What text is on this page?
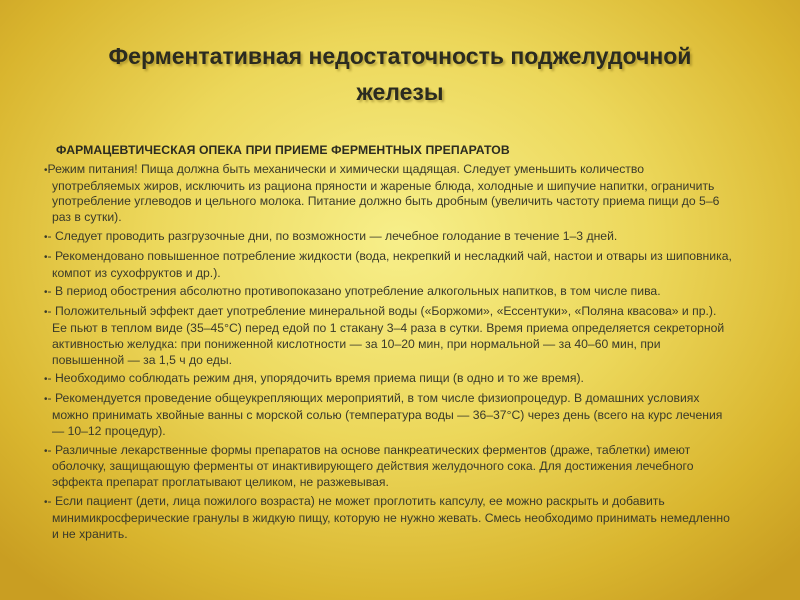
Ферментативная недостаточность поджелудочной
железы
ФАРМАЦЕВТИЧЕСКАЯ ОПЕКА ПРИ ПРИЕМЕ ФЕРМЕНТНЫХ ПРЕПАРАТОВ
•Режим питания! Пища должна быть механически и химически щадящая. Следует уменьшить количество употребляемых жиров, исключить из рациона пряности и жареные блюда, холодные и шипучие напитки, ограничить употребление углеводов и цельного молока. Питание должно быть дробным (увеличить частоту приема пищи до 5–6 раз в сутки).
•- Следует проводить разгрузочные дни, по возможности — лечебное голодание в течение 1–3 дней.
•- Рекомендовано повышенное потребление жидкости (вода, некрепкий и несладкий чай, настои и отвары из шиповника, компот из сухофруктов и др.).
•- В период обострения абсолютно противопоказано употребление алкогольных напитков, в том числе пива.
•- Положительный эффект дает употребление минеральной воды («Боржоми», «Ессентуки», «Поляна квасова» и пр.). Ее пьют в теплом виде (35–45°С) перед едой по 1 стакану 3–4 раза в сутки. Время приема определяется секреторной активностью желудка: при пониженной кислотности — за 10–20 мин, при нормальной — за 40–60 мин, при повышенной — за 1,5 ч до еды.
•- Необходимо соблюдать режим дня, упорядочить время приема пищи (в одно и то же время).
•- Рекомендуется проведение общеукрепляющих мероприятий, в том числе физиопроцедур. В домашних условиях можно принимать хвойные ванны с морской солью (температура воды — 36–37°С) через день (всего на курс лечения — 10–12 процедур).
•- Различные лекарственные формы препаратов на основе панкреатических ферментов (драже, таблетки) имеют оболочку, защищающую ферменты от инактивирующего действия желудочного сока. Для достижения лечебного эффекта препарат проглатывают целиком, не разжевывая.
•- Если пациент (дети, лица пожилого возраста) не может проглотить капсулу, ее можно раскрыть и добавить минимикросферические гранулы в жидкую пищу, которую не нужно жевать. Смесь необходимо принимать немедленно и не хранить.
